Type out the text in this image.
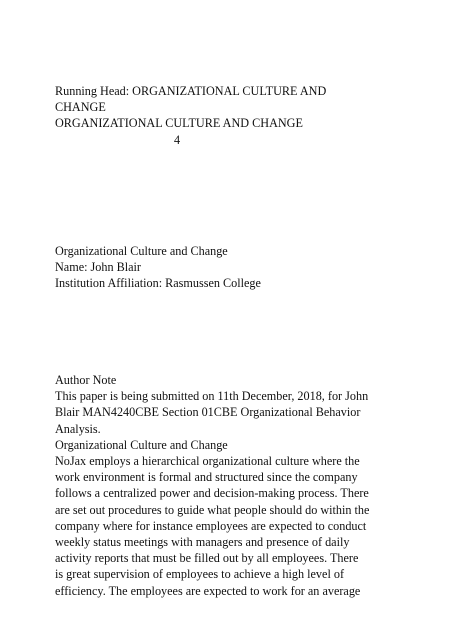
Running Head: ORGANIZATIONAL CULTURE AND
CHANGE
ORGANIZATIONAL CULTURE AND CHANGE
4
Organizational Culture and Change
Name: John Blair
Institution Affiliation: Rasmussen College
Author Note
This paper is being submitted on 11th December, 2018, for John
Blair MAN4240CBE Section 01CBE Organizational Behavior
Analysis.
Organizational Culture and Change
NoJax employs a hierarchical organizational culture where the
work environment is formal and structured since the company
follows a centralized power and decision-making process. There
are set out procedures to guide what people should do within the
company where for instance employees are expected to conduct
weekly status meetings with managers and presence of daily
activity reports that must be filled out by all employees. There
is great supervision of employees to achieve a high level of
efficiency. The employees are expected to work for an average
